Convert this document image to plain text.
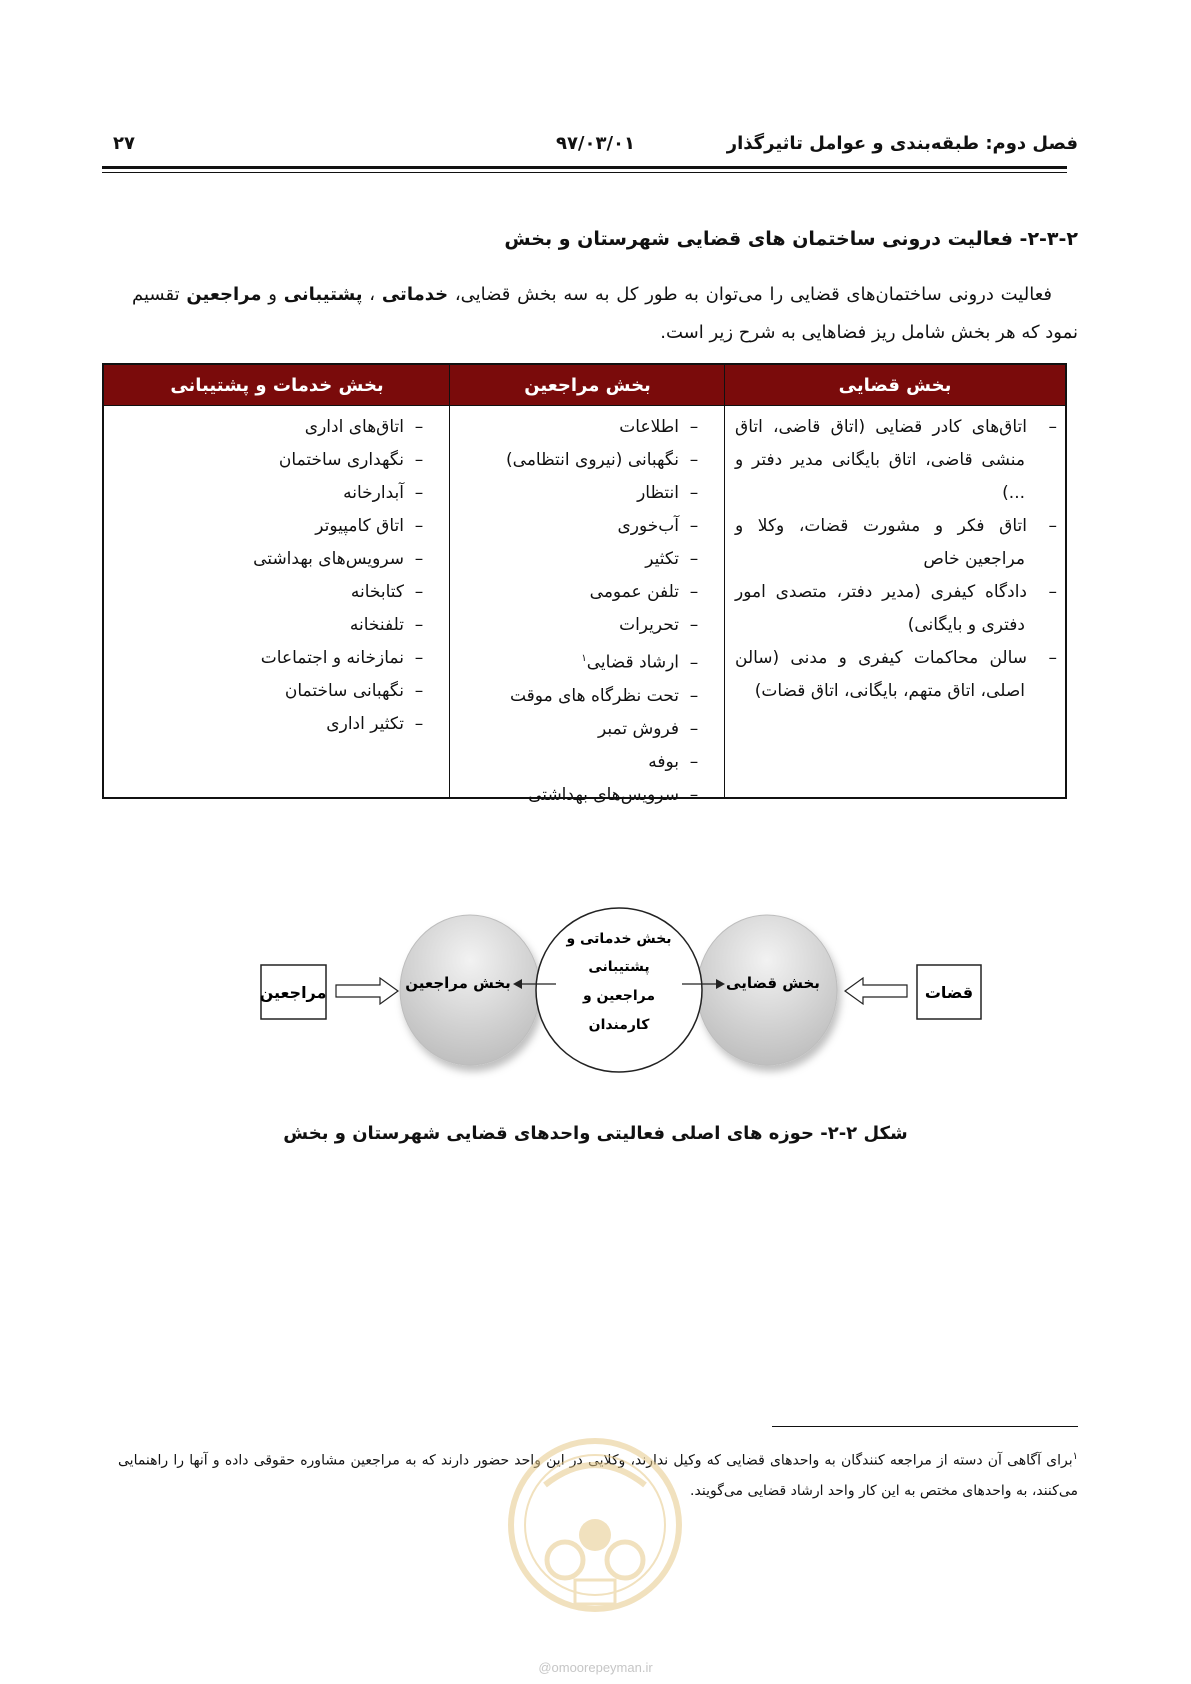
فصل دوم: طبقه‌بندی و عوامل تاثیرگذار
۹۷/۰۳/۰۱
۲۷
۲-۳-۲- فعالیت درونی ساختمان های قضایی شهرستان و بخش
فعالیت درونی ساختمان‌های قضایی را می‌توان به طور کل به سه بخش قضایی، خدماتی ، پشتیبانی و مراجعین تقسیم نمود که هر بخش شامل ریز فضاهایی به شرح زیر است.
بخش قضایی
بخش مراجعین
بخش خدمات و پشتیبانی
–اتاق‌های کادر قضایی (اتاق قاضی، اتاق
منشی قاضی، اتاق بایگانی مدیر دفتر و ...)
–اتاق فکر و مشورت قضات، وکلا و
مراجعین خاص
–دادگاه کیفری (مدیر دفتر، متصدی امور
دفتری و بایگانی)
–سالن محاکمات کیفری و مدنی (سالن
اصلی، اتاق متهم، بایگانی، اتاق قضات)
–اطلاعات
–نگهبانی (نیروی انتظامی)
–انتظار
–آب‌خوری
–تکثیر
–تلفن عمومی
–تحریرات
–ارشاد قضایی$^۱$
–تحت نظرگاه های موقت
–فروش تمبر
–بوفه
–سرویس‌های بهداشتی
–اتاق‌های اداری
–نگهداری ساختمان
–آبدارخانه
–اتاق کامپیوتر
–سرویس‌های بهداشتی
–کتابخانه
–تلفنخانه
–نمازخانه و اجتماعات
–نگهبانی ساختمان
–تکثیر اداری
مراجعین	قضات
بخش مراجعین	بخش قضایی
بخش خدماتی و
پشتیبانی
مراجعین و
کارمندان
شکل ۲-۲- حوزه های اصلی فعالیتی واحدهای قضایی شهرستان و بخش
$^۱$برای آگاهی آن دسته از مراجعه کنندگان به واحدهای قضایی که وکیل ندارند، وکلایی در این واحد حضور دارند که به مراجعین مشاوره حقوقی داده و آنها را راهنمایی می‌کنند، به واحدهای مختص به این کار واحد ارشاد قضایی می‌گویند.
@omoorepeyman.ir
